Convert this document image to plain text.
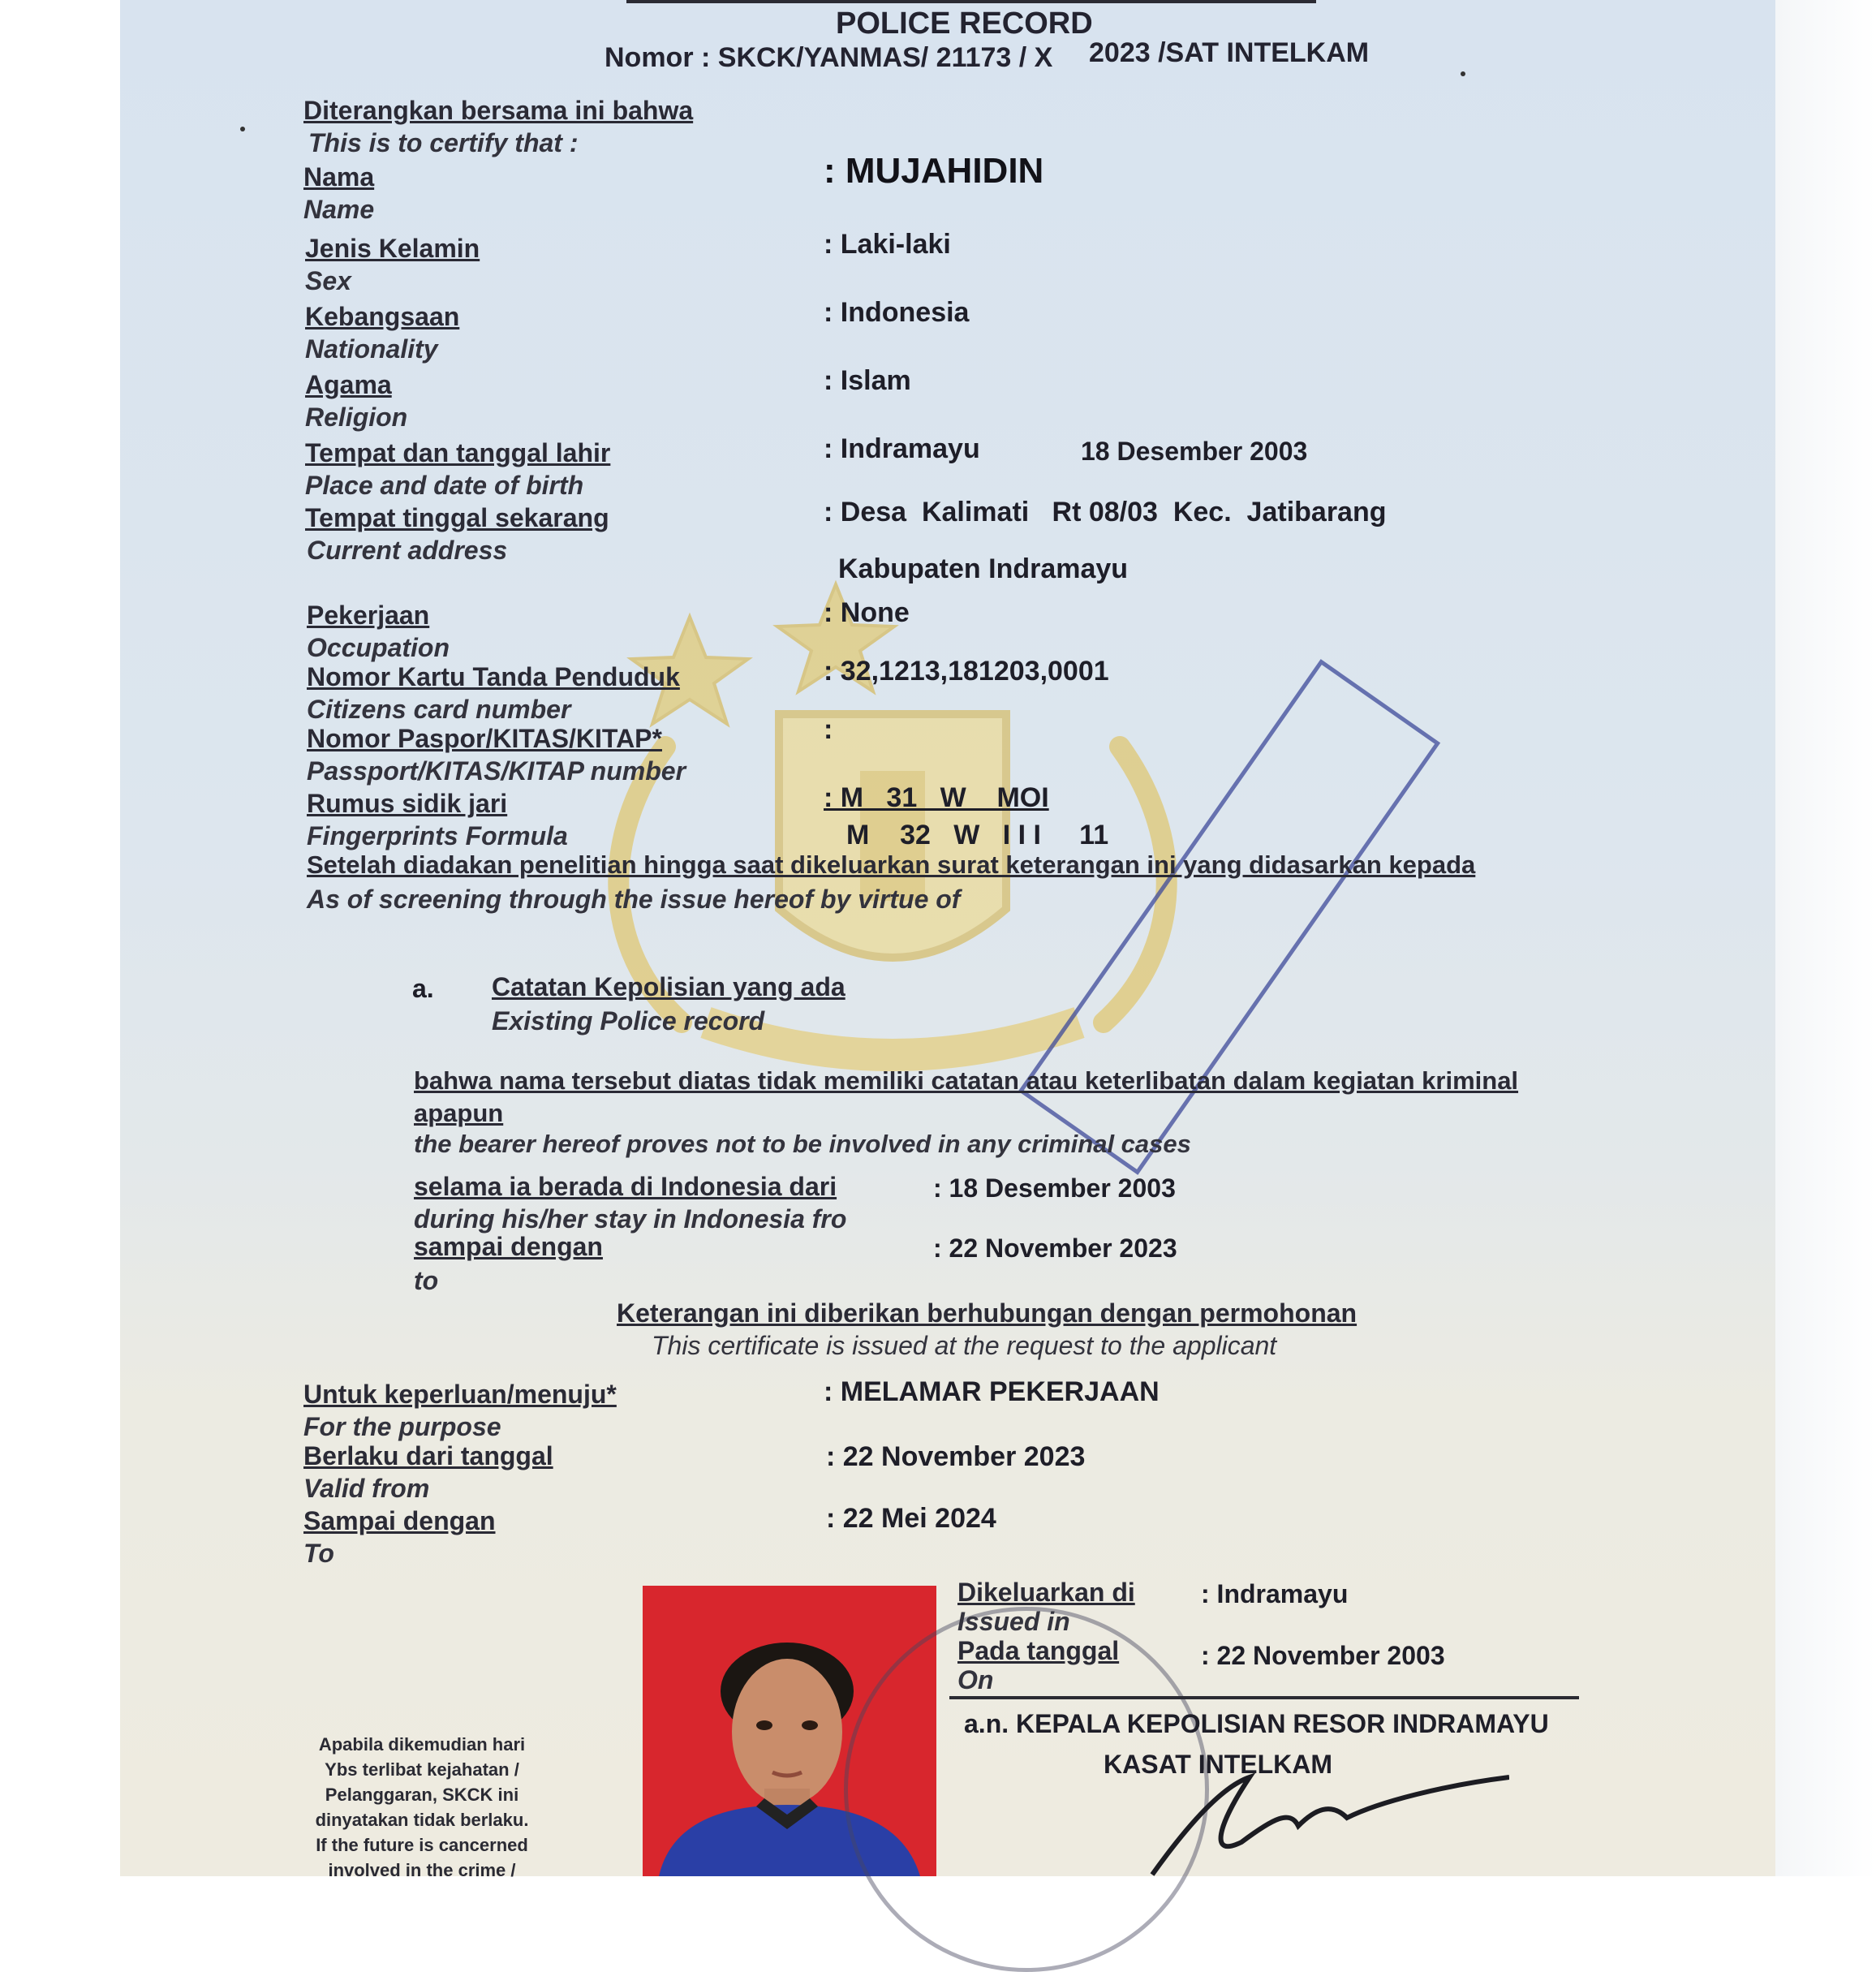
POLICE RECORD
Nomor : SKCK/YANMAS/ 21173 / X 2023 /SAT INTELKAM
Diterangkan bersama ini bahwa
This is to certify that :
Nama
Name
: MUJAHIDIN
Jenis Kelamin
Sex
: Laki-laki
Kebangsaan
Nationality
: Indonesia
Agama
Religion
: Islam
Tempat dan tanggal lahir
Place and date of birth
: Indramayu	18 Desember 2003
Tempat tinggal sekarang
Current address
: Desa  Kalimati   Rt 08/03  Kec.  Jatibarang
Kabupaten Indramayu
Pekerjaan
Occupation
: None
Nomor Kartu Tanda Penduduk
Citizens card number
: 32,1213,181203,0001
Nomor Paspor/KITAS/KITAP*
Passport/KITAS/KITAP number
:
Rumus sidik jari
Fingerprints Formula
: M   31   W    MOI
M    32   W   I I I     11
Setelah diadakan penelitian hingga saat dikeluarkan surat keterangan ini yang didasarkan kepada
As of screening through the issue hereof by virtue of
a. Catatan Kepolisian yang ada
Existing Police record
bahwa nama tersebut diatas tidak memiliki catatan atau keterlibatan dalam kegiatan kriminal
apapun
the bearer hereof proves not to be involved in any criminal cases
selama ia berada di Indonesia dari
during his/her stay in Indonesia fro
: 18 Desember 2003
sampai dengan
to
: 22 November 2023
Keterangan ini diberikan berhubungan dengan permohonan
This certificate is issued at the request to the applicant
Untuk keperluan/menuju*
For the purpose
: MELAMAR PEKERJAAN
Berlaku dari tanggal
Valid from
: 22 November 2023
Sampai dengan
To
: 22 Mei 2024
Dikeluarkan di
Issued in
: Indramayu
Pada tanggal
On
: 22 November 2003
a.n. KEPALA KEPOLISIAN RESOR INDRAMAYU
KASAT INTELKAM
Apabila dikemudian hari
Ybs terlibat kejahatan /
Pelanggaran, SKCK ini
dinyatakan tidak berlaku.
If the future is cancerned
involved in the crime /
